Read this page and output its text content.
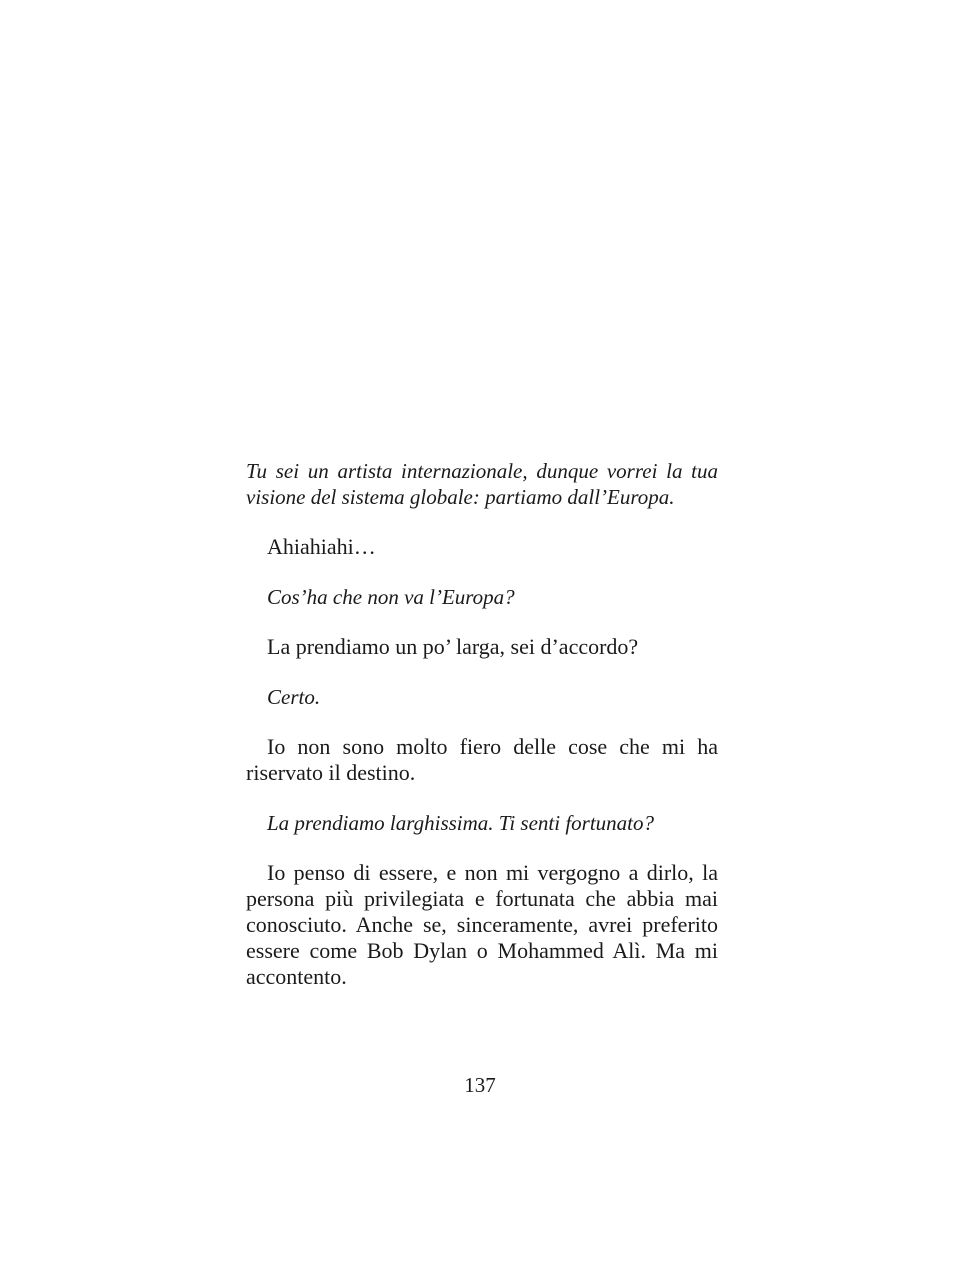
Tu sei un artista internazionale, dunque vorrei la tua visione del sistema globale: partiamo dall’Europa.

Ahiahiahi…

Cos’ha che non va l’Europa?

La prendiamo un po’ larga, sei d’accordo?

Certo.

Io non sono molto fiero delle cose che mi ha riservato il destino.

La prendiamo larghissima. Ti senti fortunato?

Io penso di essere, e non mi vergogno a dirlo, la persona più privilegiata e fortunata che abbia mai conosciuto. Anche se, sinceramente, avrei preferito essere come Bob Dylan o Mohammed Alì. Ma mi accontento.

137
